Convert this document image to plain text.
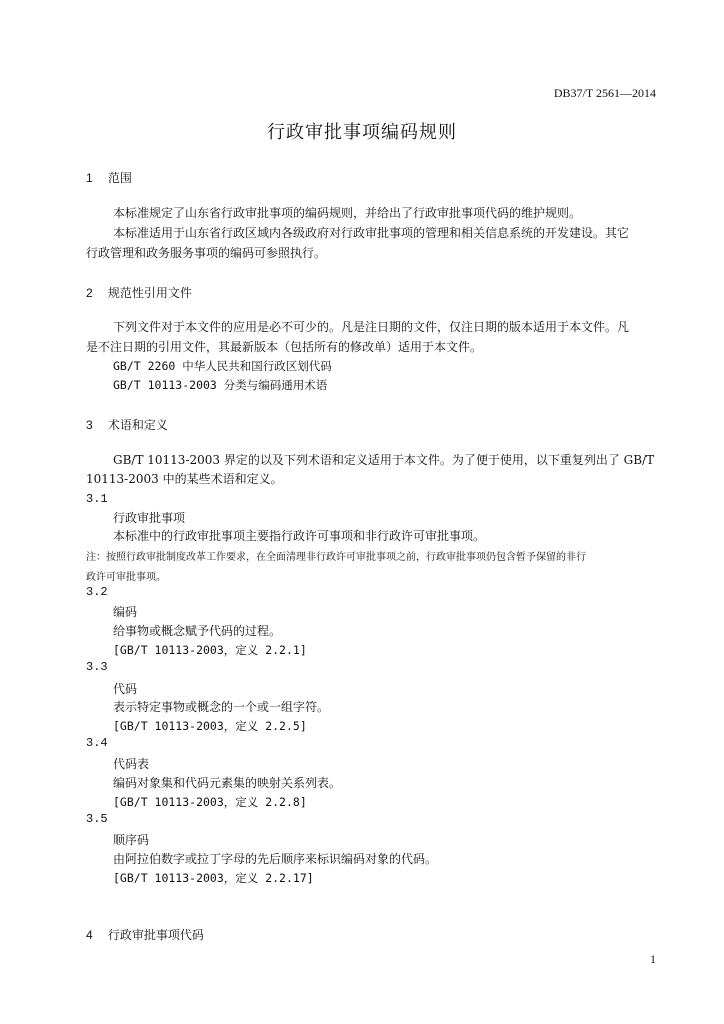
DB37/T 2561—2014
行政审批事项编码规则
1 范围
本标准规定了山东省行政审批事项的编码规则，并给出了行政审批事项代码的维护规则。
本标准适用于山东省行政区域内各级政府对行政审批事项的管理和相关信息系统的开发建设。其它
行政管理和政务服务事项的编码可参照执行。
2 规范性引用文件
下列文件对于本文件的应用是必不可少的。凡是注日期的文件，仅注日期的版本适用于本文件。凡
是不注日期的引用文件，其最新版本（包括所有的修改单）适用于本文件。
GB/T 2260 中华人民共和国行政区划代码
GB/T 10113-2003 分类与编码通用术语
3 术语和定义
GB/T 10113-2003 界定的以及下列术语和定义适用于本文件。为了便于使用，以下重复列出了 GB/T
10113-2003 中的某些术语和定义。
3.1
行政审批事项
本标准中的行政审批事项主要指行政许可事项和非行政许可审批事项。
注：按照行政审批制度改革工作要求，在全面清理非行政许可审批事项之前，行政审批事项仍包含暂予保留的非行
政许可审批事项。
3.2
编码
给事物或概念赋予代码的过程。
[GB/T 10113-2003，定义 2.2.1]
3.3
代码
表示特定事物或概念的一个或一组字符。
[GB/T 10113-2003，定义 2.2.5]
3.4
代码表
编码对象集和代码元素集的映射关系列表。
[GB/T 10113-2003，定义 2.2.8]
3.5
顺序码
由阿拉伯数字或拉丁字母的先后顺序来标识编码对象的代码。
[GB/T 10113-2003，定义 2.2.17]
4 行政审批事项代码
1
